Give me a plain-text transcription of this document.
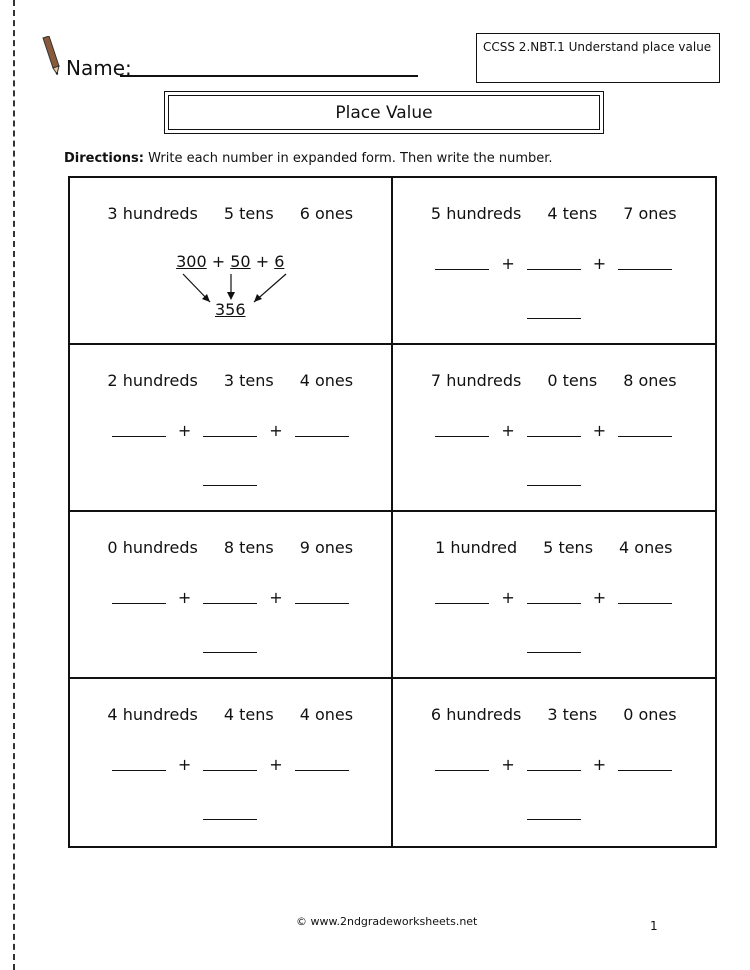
Name:
CCSS 2.NBT.1 Understand place value
Place Value
Directions: Write each number in expanded form. Then write the number.
3 hundreds 5 tens 6 ones
300 + 50 + 6
356
5 hundreds 4 tens 7 ones
+	+
2 hundreds 3 tens 4 ones
+	+
7 hundreds 0 tens 8 ones
+	+
0 hundreds 8 tens 9 ones
+	+
1 hundred 5 tens 4 ones
+	+
4 hundreds 4 tens 4 ones
+	+
6 hundreds 3 tens 0 ones
+	+
© www.2ndgradeworksheets.net	1
